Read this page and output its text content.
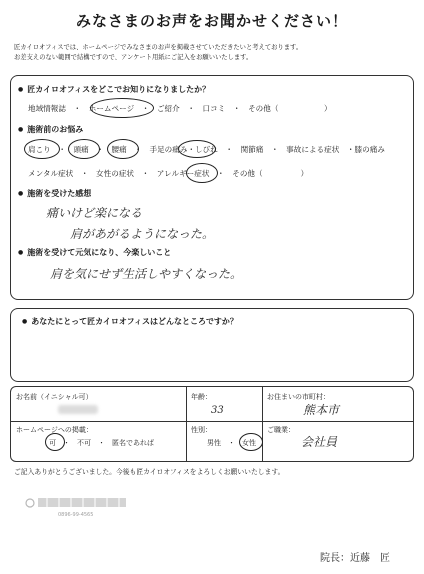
みなさまのお声をお聞かせください！
匠カイロオフィスでは、ホームページでみなさまのお声を掲載させていただきたいと考えております。
お差支えのない範囲で結構ですので、アンケート用紙にご記入をお願いいたします。
● 匠カイロオフィスをどこでお知りになりましたか？
地域情報誌　・　ホームページ　・　ご紹介　・　口コミ　・　その他（　　　　　　）
● 施術前のお悩み
肩こり　・　頭痛　・　腰痛　・　手足の痛み・しびれ　・　関節痛　・　事故による症状　・膝の痛み
メンタル症状　・　女性の症状　・　アレルギー症状　・　その他（　　　　　）
● 施術を受けた感想
痛いけど楽になる
肩があがるようになった。
● 施術を受けて元気になり、今楽しいこと
肩を気にせず生活しやすくなった。
● あなたにとって匠カイロオフィスはどんなところですか？
お名前（イニシャル可）	年齢：
33
お住まいの市町村：
熊本市
ホームページへの掲載：
可　・　不可　・　匿名であれば
性別：
男性　・　女性
ご職業：
会社員
ご記入ありがとうございました。今後も匠カイロオフィスをよろしくお願いいたします。
0896-99-4565
院長：近藤　匠
